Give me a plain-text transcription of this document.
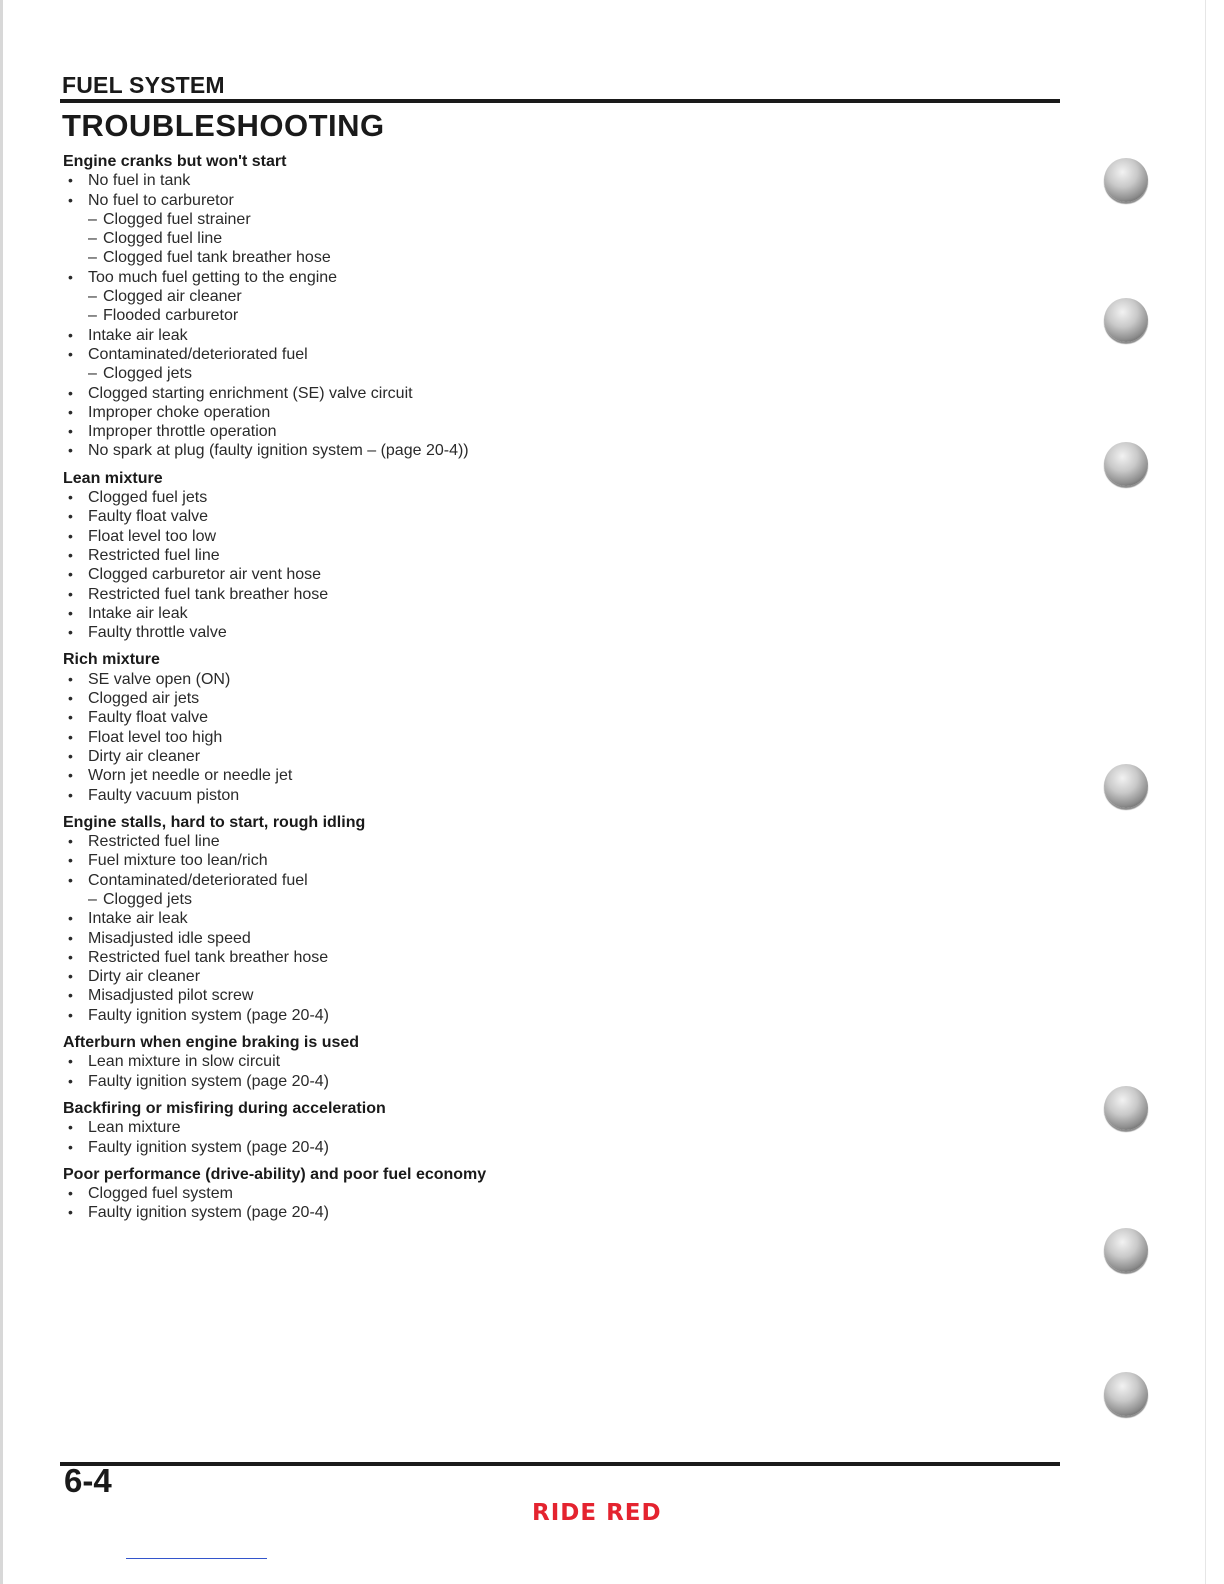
FUEL SYSTEM
TROUBLESHOOTING
Engine cranks but won't start
• No fuel in tank
• No fuel to carburetor
– Clogged fuel strainer
– Clogged fuel line
– Clogged fuel tank breather hose
• Too much fuel getting to the engine
– Clogged air cleaner
– Flooded carburetor
• Intake air leak
• Contaminated/deteriorated fuel
– Clogged jets
• Clogged starting enrichment (SE) valve circuit
• Improper choke operation
• Improper throttle operation
• No spark at plug (faulty ignition system – (page 20-4))
Lean mixture
• Clogged fuel jets
• Faulty float valve
• Float level too low
• Restricted fuel line
• Clogged carburetor air vent hose
• Restricted fuel tank breather hose
• Intake air leak
• Faulty throttle valve
Rich mixture
• SE valve open (ON)
• Clogged air jets
• Faulty float valve
• Float level too high
• Dirty air cleaner
• Worn jet needle or needle jet
• Faulty vacuum piston
Engine stalls, hard to start, rough idling
• Restricted fuel line
• Fuel mixture too lean/rich
• Contaminated/deteriorated fuel
– Clogged jets
• Intake air leak
• Misadjusted idle speed
• Restricted fuel tank breather hose
• Dirty air cleaner
• Misadjusted pilot screw
• Faulty ignition system (page 20-4)
Afterburn when engine braking is used
• Lean mixture in slow circuit
• Faulty ignition system (page 20-4)
Backfiring or misfiring during acceleration
• Lean mixture
• Faulty ignition system (page 20-4)
Poor performance (drive-ability) and poor fuel economy
• Clogged fuel system
• Faulty ignition system (page 20-4)
6-4
RIDE RED
